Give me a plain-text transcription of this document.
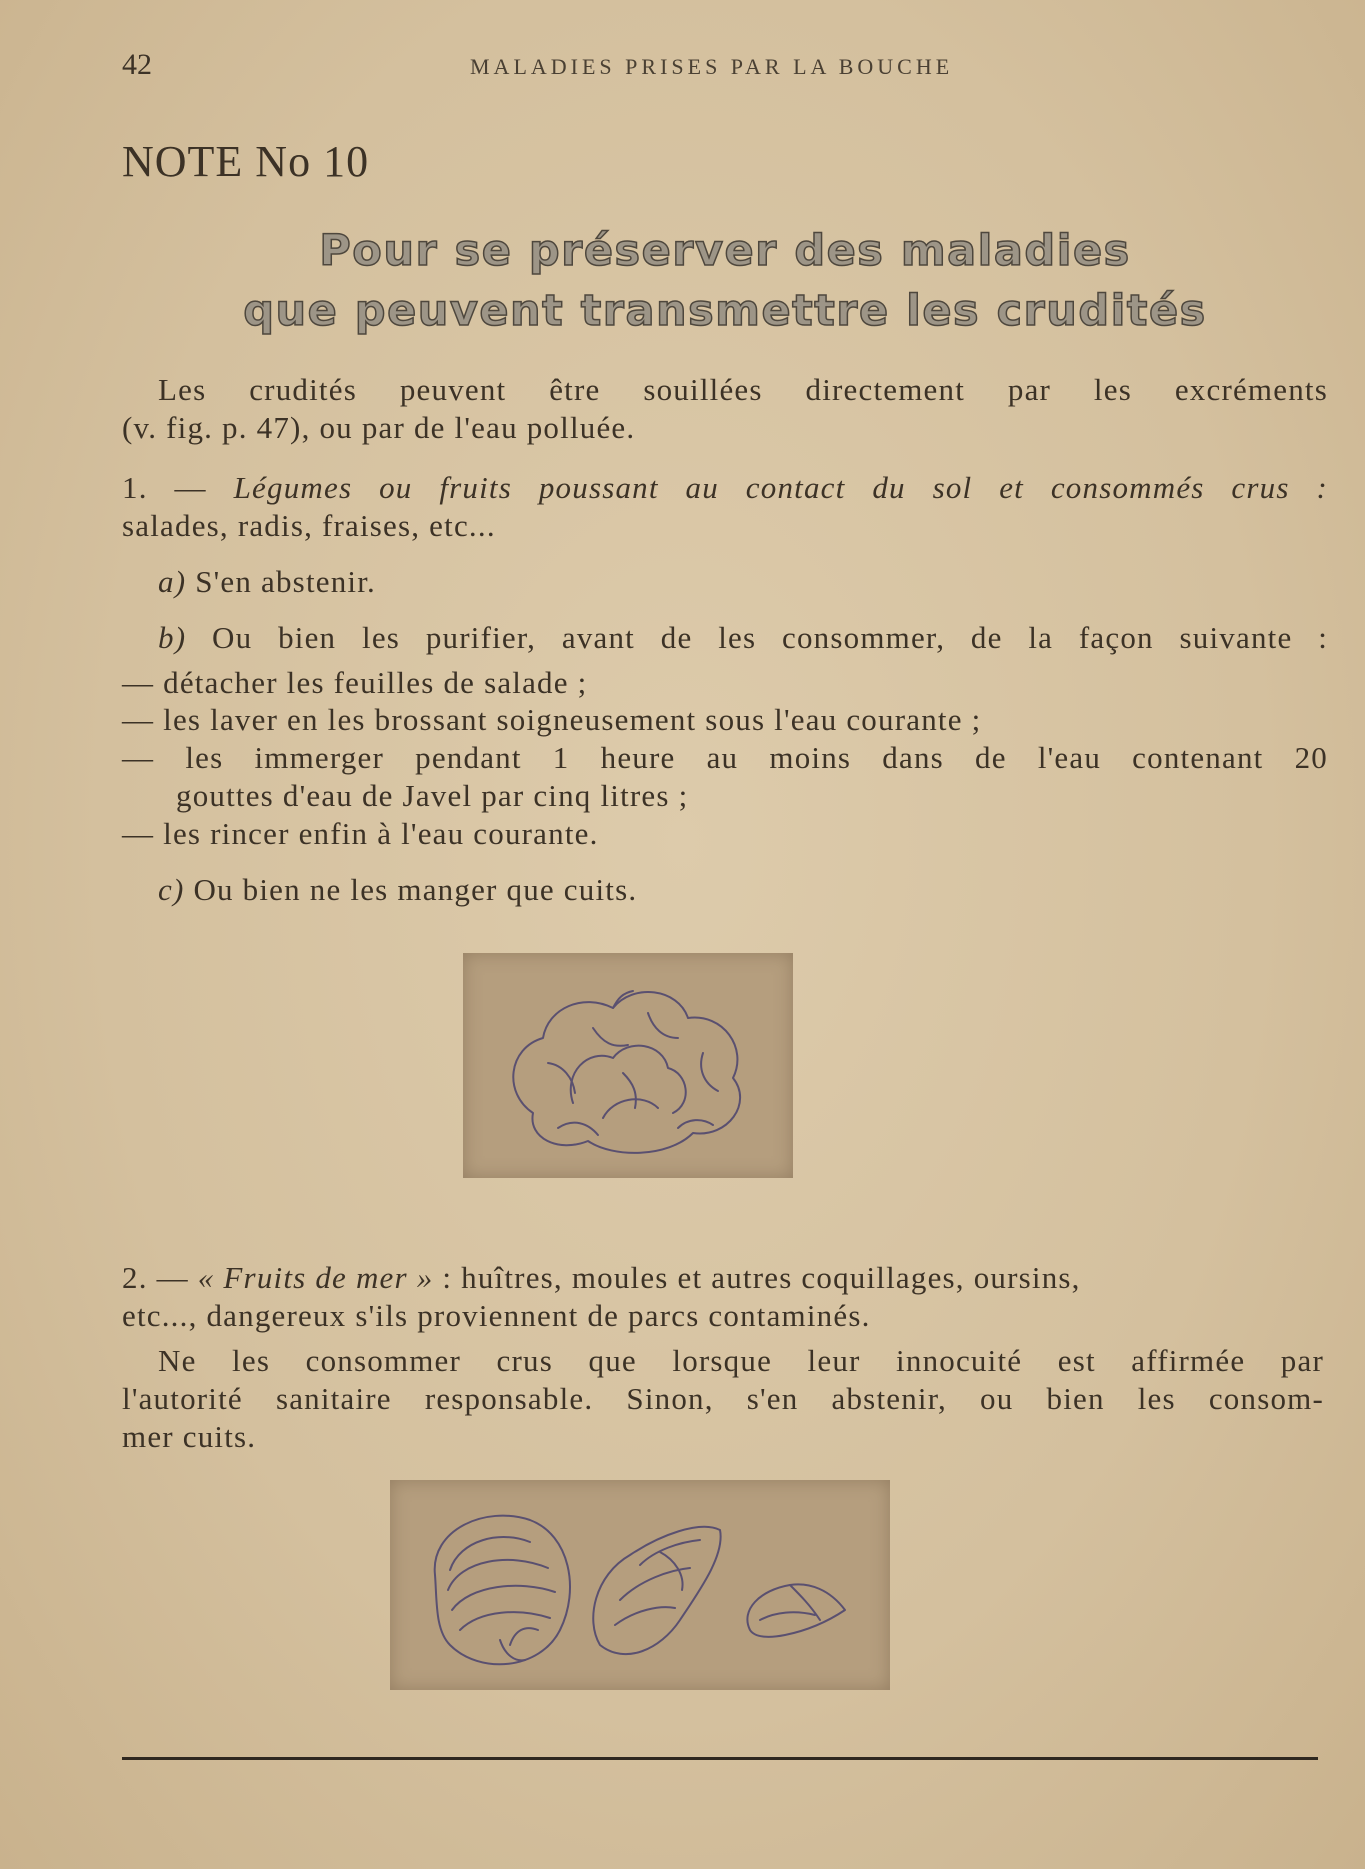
42	MALADIES PRISES PAR LA BOUCHE
NOTE No 10
Pour se préserver des maladies
que peuvent transmettre les crudités
Les crudités peuvent être souillées directement par les excréments
(v. fig. p. 47), ou par de l'eau polluée.
1. — Légumes ou fruits poussant au contact du sol et consommés crus :
salades, radis, fraises, etc...
a) S'en abstenir.
b) Ou bien les purifier, avant de les consommer, de la façon suivante :
— détacher les feuilles de salade ;
— les laver en les brossant soigneusement sous l'eau courante ;
— les immerger pendant 1 heure au moins dans de l'eau contenant 20
gouttes d'eau de Javel par cinq litres ;
— les rincer enfin à l'eau courante.
c) Ou bien ne les manger que cuits.
2. — « Fruits de mer » : huîtres, moules et autres coquillages, oursins,
etc..., dangereux s'ils proviennent de parcs contaminés.
Ne les consommer crus que lorsque leur innocuité est affirmée par
l'autorité sanitaire responsable. Sinon, s'en abstenir, ou bien les consom-
mer cuits.
